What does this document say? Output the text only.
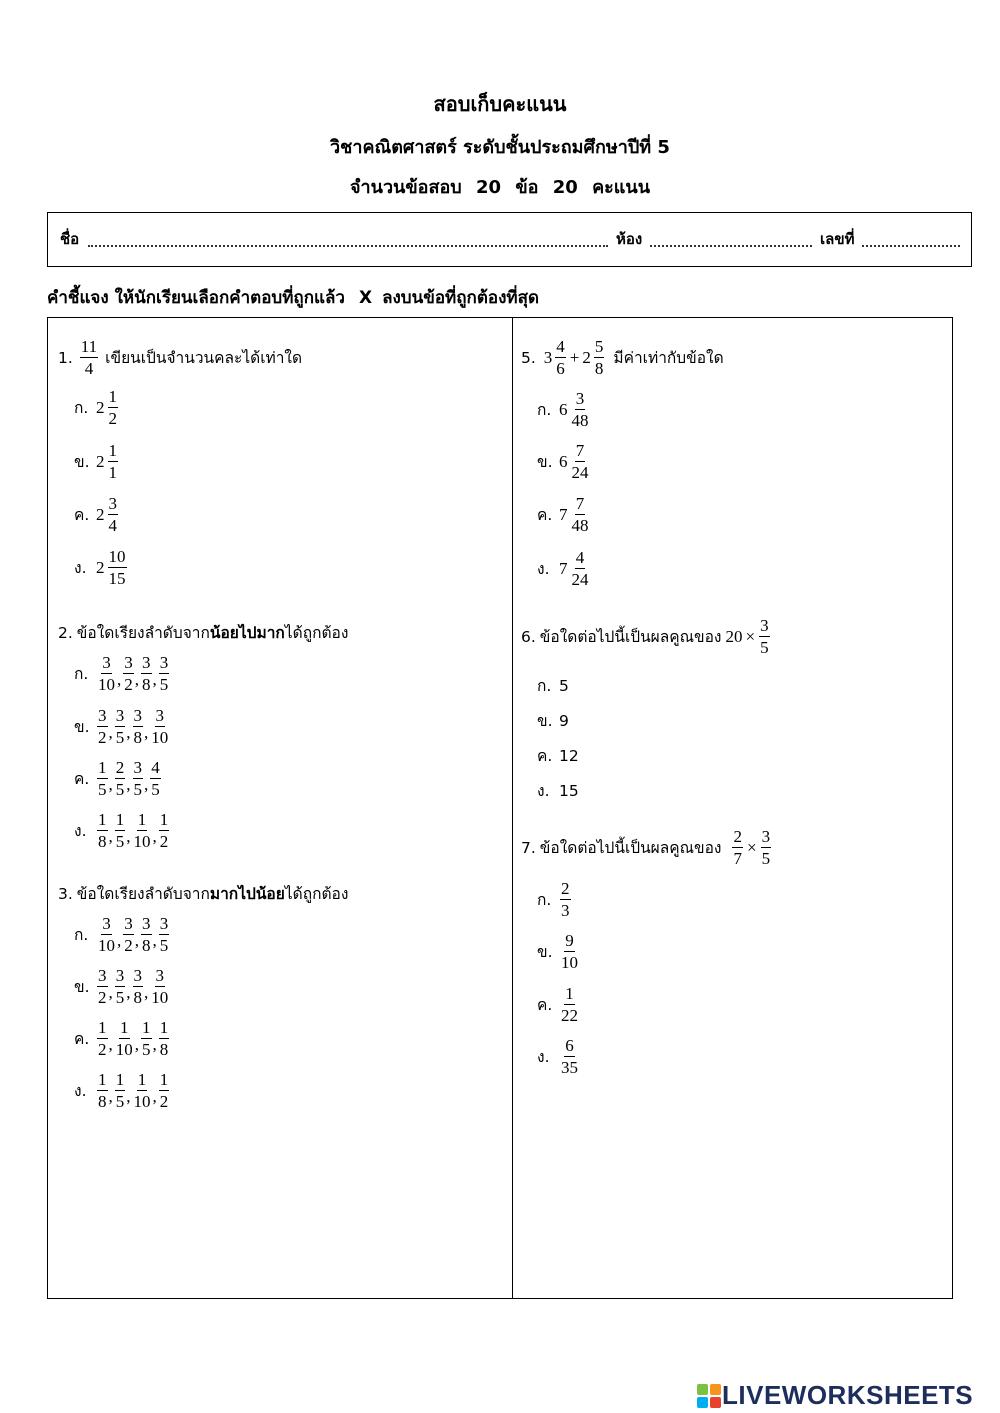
สอบเก็บคะแนน
วิชาคณิตศาสตร์ ระดับชั้นประถมศึกษาปีที่ 5
จำนวนข้อสอบ 20 ข้อ 20 คะแนน
ชื่อ	ห้อง	เลขที่
คำชี้แจง ให้นักเรียนเลือกคำตอบที่ถูกแล้ว X ลงบนข้อที่ถูกต้องที่สุด
1. $\frac{11}{4}$ เขียนเป็นจำนวนคละได้เท่าใด
ก. $2 \frac{1}{2}$
ข. $2 \frac{1}{1}$
ค. $2 \frac{3}{4}$
ง. $2 \frac{10}{15}$
2. ข้อใดเรียงลำดับจาก น้อยไปมาก ได้ถูกต้อง
ก. $\frac{3}{10}$ , $\frac{3}{2}$ , $\frac{3}{8}$ , $\frac{3}{5}$
ข. $\frac{3}{2}$ , $\frac{3}{5}$ , $\frac{3}{8}$ , $\frac{3}{10}$
ค. $\frac{1}{5}$ , $\frac{2}{5}$ , $\frac{3}{5}$ , $\frac{4}{5}$
ง. $\frac{1}{8}$ , $\frac{1}{5}$ , $\frac{1}{10}$ , $\frac{1}{2}$
3. ข้อใดเรียงลำดับจาก มากไปน้อย ได้ถูกต้อง
ก. $\frac{3}{10}$ , $\frac{3}{2}$ , $\frac{3}{8}$ , $\frac{3}{5}$
ข. $\frac{3}{2}$ , $\frac{3}{5}$ , $\frac{3}{8}$ , $\frac{3}{10}$
ค. $\frac{1}{2}$ , $\frac{1}{10}$ , $\frac{1}{5}$ , $\frac{1}{8}$
ง. $\frac{1}{8}$ , $\frac{1}{5}$ , $\frac{1}{10}$ , $\frac{1}{2}$
5. $3 \frac{4}{6} + 2 \frac{5}{8}$ มีค่าเท่ากับข้อใด
ก. $6 \frac{3}{48}$
ข. $6 \frac{7}{24}$
ค. $7 \frac{7}{48}$
ง. $7 \frac{4}{24}$
6. ข้อใดต่อไปนี้เป็นผลคูณของ $20 \times \frac{3}{5}$
ก. 5
ข. 9
ค. 12
ง. 15
7. ข้อใดต่อไปนี้เป็นผลคูณของ $\frac{2}{7} \times \frac{3}{5}$
ก. $\frac{2}{3}$
ข. $\frac{9}{10}$
ค. $\frac{1}{22}$
ง. $\frac{6}{35}$
LIVEWORKSHEETS
